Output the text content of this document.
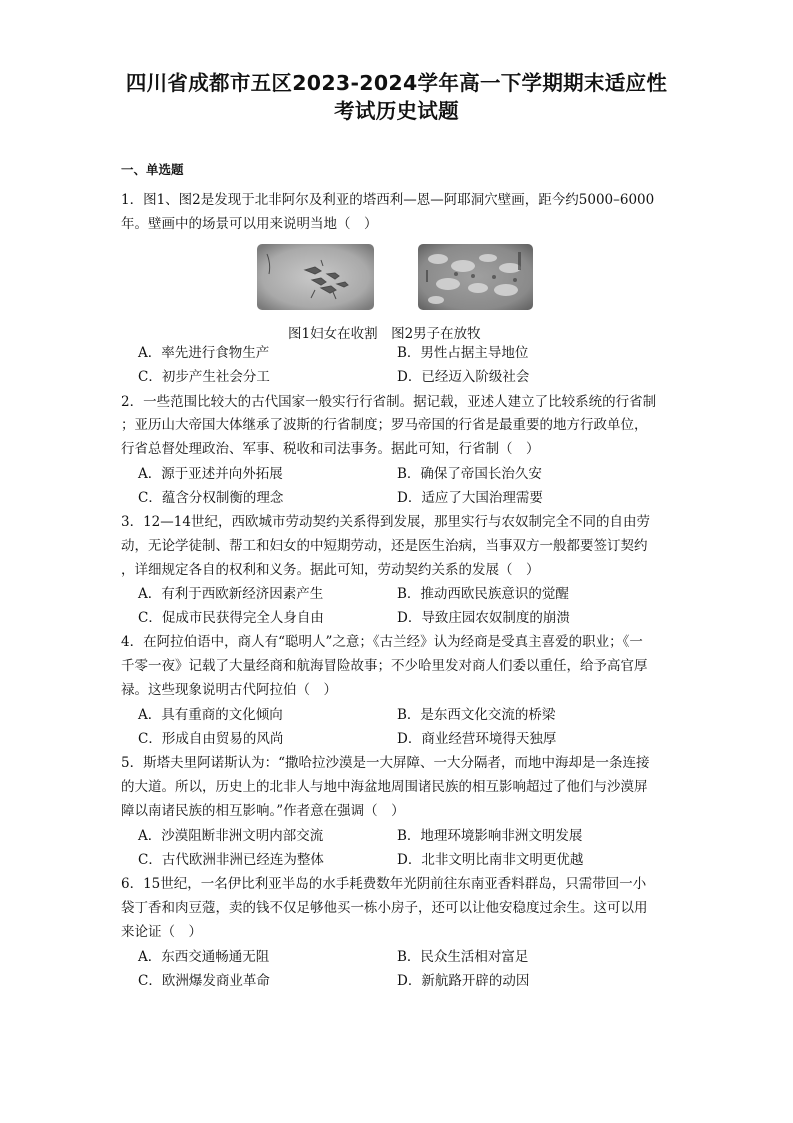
四川省成都市五区2023-2024学年高一下学期期末适应性
考试历史试题
一、单选题
1．图1、图2是发现于北非阿尔及利亚的塔西利—恩—阿耶洞穴壁画，距今约5000–6000
年。壁画中的场景可以用来说明当地（　）
图1妇女在收割　图2男子在放牧
A．率先进行食物生产	B．男性占据主导地位
C．初步产生社会分工	D．已经迈入阶级社会
2．一些范围比较大的古代国家一般实行行省制。据记载，亚述人建立了比较系统的行省制
；亚历山大帝国大体继承了波斯的行省制度；罗马帝国的行省是最重要的地方行政单位，
行省总督处理政治、军事、税收和司法事务。据此可知，行省制（　）
A．源于亚述并向外拓展	B．确保了帝国长治久安
C．蕴含分权制衡的理念	D．适应了大国治理需要
3．12—14世纪，西欧城市劳动契约关系得到发展，那里实行与农奴制完全不同的自由劳
动，无论学徒制、帮工和妇女的中短期劳动，还是医生治病，当事双方一般都要签订契约
，详细规定各自的权利和义务。据此可知，劳动契约关系的发展（　）
A．有利于西欧新经济因素产生	B．推动西欧民族意识的觉醒
C．促成市民获得完全人身自由	D．导致庄园农奴制度的崩溃
4．在阿拉伯语中，商人有“聪明人”之意；《古兰经》认为经商是受真主喜爱的职业；《一
千零一夜》记载了大量经商和航海冒险故事；不少哈里发对商人们委以重任，给予高官厚
禄。这些现象说明古代阿拉伯（　）
A．具有重商的文化倾向	B．是东西文化交流的桥梁
C．形成自由贸易的风尚	D．商业经营环境得天独厚
5．斯塔夫里阿诺斯认为：“撒哈拉沙漠是一大屏障、一大分隔者，而地中海却是一条连接
的大道。所以，历史上的北非人与地中海盆地周围诸民族的相互影响超过了他们与沙漠屏
障以南诸民族的相互影响。”作者意在强调（　）
A．沙漠阻断非洲文明内部交流	B．地理环境影响非洲文明发展
C．古代欧洲非洲已经连为整体	D．北非文明比南非文明更优越
6．15世纪，一名伊比利亚半岛的水手耗费数年光阴前往东南亚香料群岛，只需带回一小
袋丁香和肉豆蔻，卖的钱不仅足够他买一栋小房子，还可以让他安稳度过余生。这可以用
来论证（　）
A．东西交通畅通无阻	B．民众生活相对富足
C．欧洲爆发商业革命	D．新航路开辟的动因
